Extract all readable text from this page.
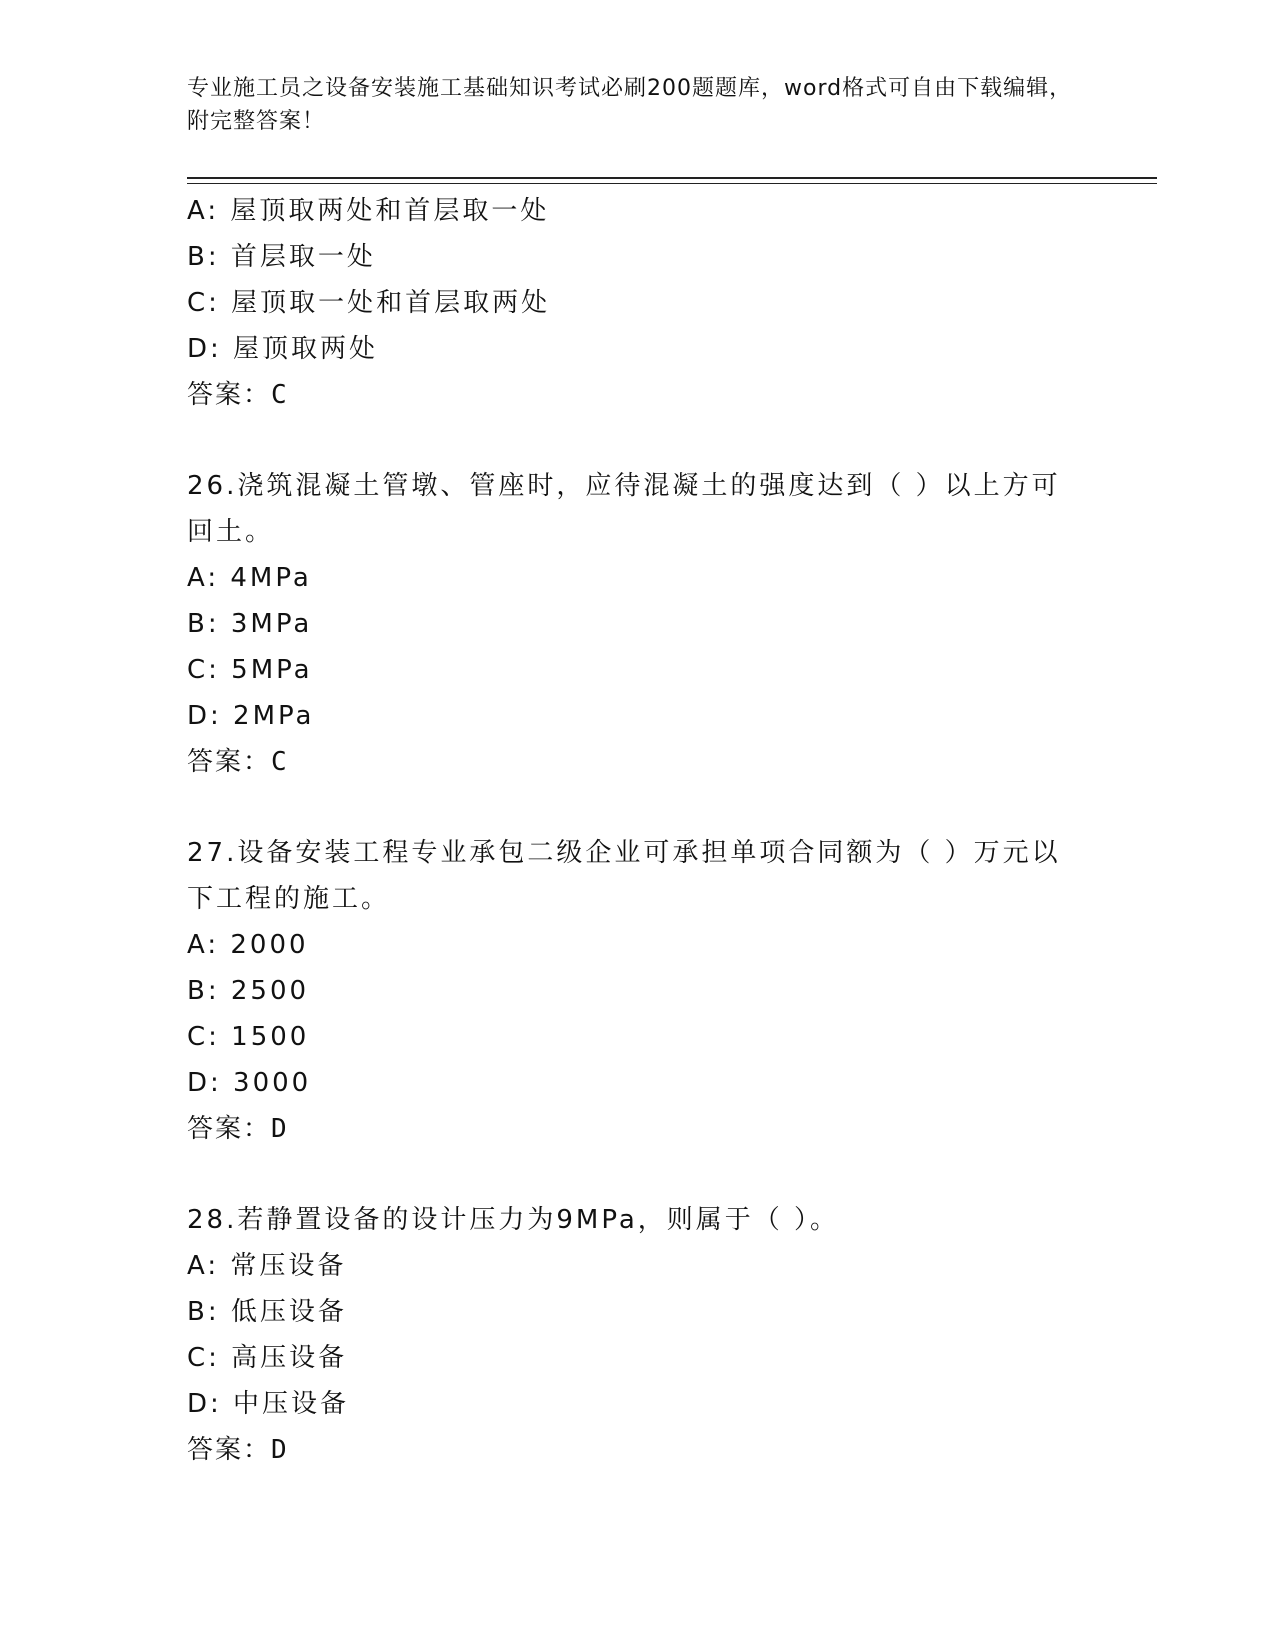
专业施工员之设备安装施工基础知识考试必刷200题题库，word格式可自由下载编辑，附完整答案！
A: 屋顶取两处和首层取一处
B: 首层取一处
C: 屋顶取一处和首层取两处
D: 屋顶取两处
答案：C
26.浇筑混凝土管墩、管座时，应待混凝土的强度达到（ ）以上方可回土。
A: 4MPa
B: 3MPa
C: 5MPa
D: 2MPa
答案：C
27.设备安装工程专业承包二级企业可承担单项合同额为（ ）万元以下工程的施工。
A: 2000
B: 2500
C: 1500
D: 3000
答案：D
28.若静置设备的设计压力为9MPa，则属于（ ）。
A: 常压设备
B: 低压设备
C: 高压设备
D: 中压设备
答案：D
